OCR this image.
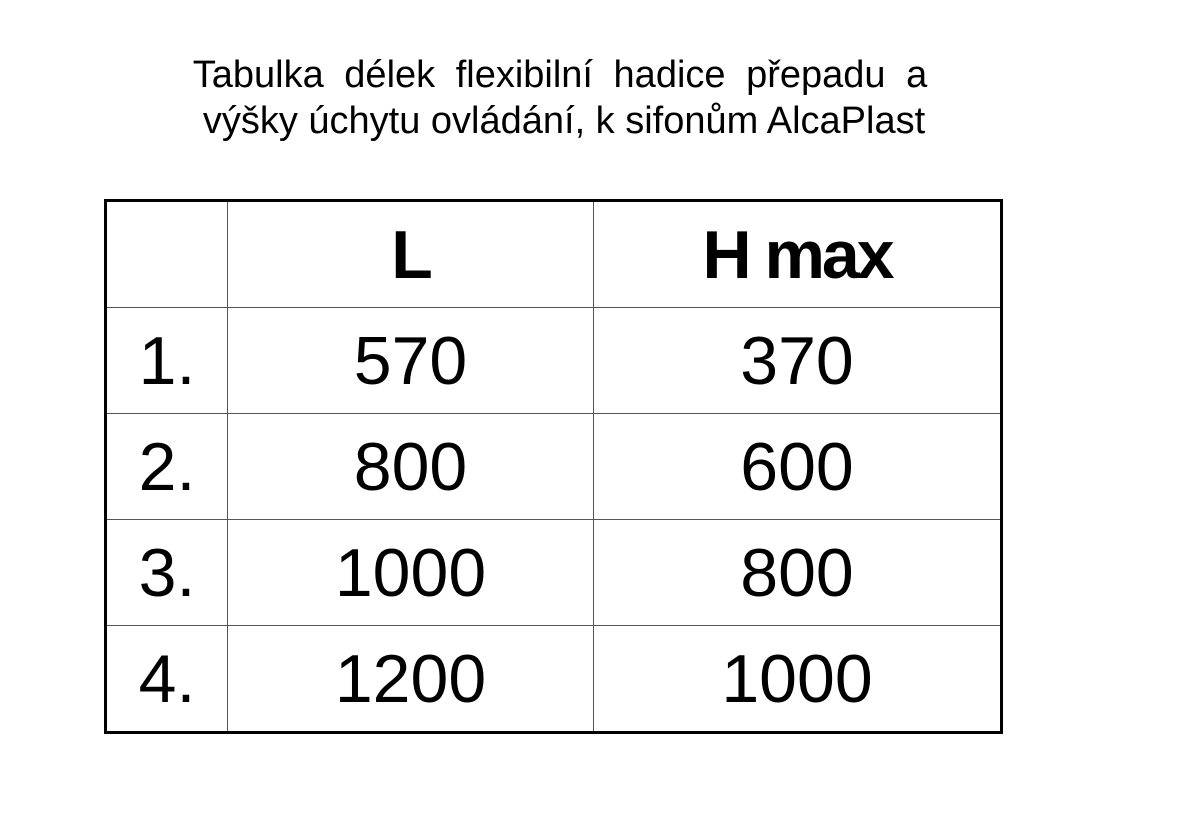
Tabulka délek flexibilní hadice přepadu a
výšky úchytu ovládání, k sifonům AlcaPlast
	L	H max
1.	570	370
2.	800	600
3.	1000	800
4.	1200	1000
